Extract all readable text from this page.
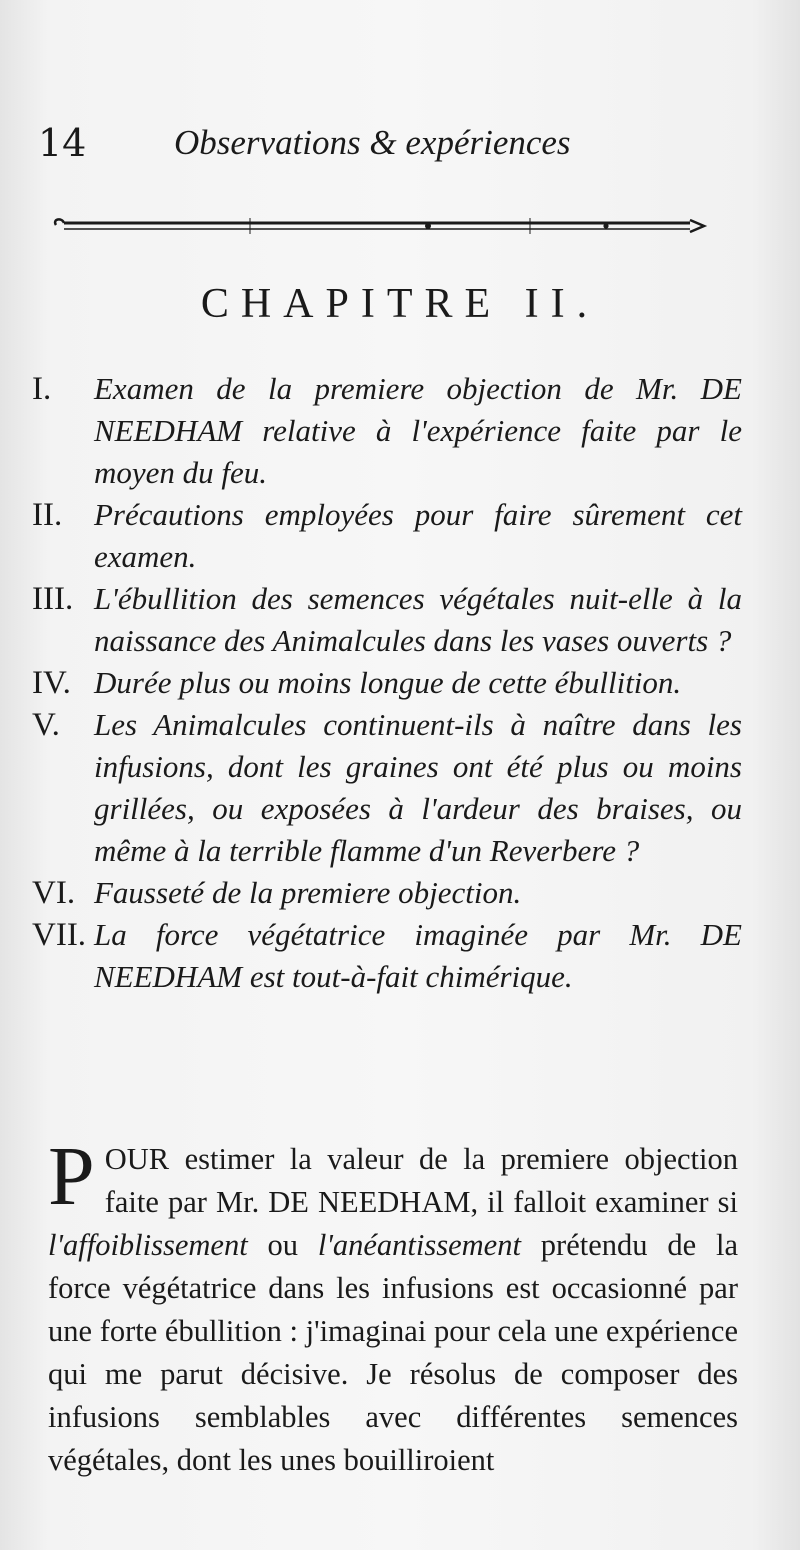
14	Observations & expériences
CHAPITRE II.
I.	Examen de la premiere objection de Mr. DE NEEDHAM relative à l'expérience faite par le moyen du feu.
II.	Précautions employées pour faire sûrement cet examen.
III. L'ébullition des semences végétales nuit-elle à la naissance des Animalcules dans les vases ouverts ?
IV. Durée plus ou moins longue de cette ébullition.
V.	Les Animalcules continuent-ils à naître dans les infusions, dont les graines ont été plus ou moins grillées, ou exposées à l'ardeur des braises, ou même à la terrible flamme d'un Reverbere ?
VI. Fausseté de la premiere objection.
VII. La force végétatrice imaginée par Mr. DE NEEDHAM est tout-à-fait chimérique.

P OUR estimer la valeur de la premiere objection faite par Mr. DE NEEDHAM, il falloit examiner si l'affoiblissement ou l'anéantissement prétendu de la force végétatrice dans les infusions est occasionné par une forte ébullition : j'imaginai pour cela une expérience qui me parut décisive. Je résolus de composer des infusions semblables avec différentes semences végétales, dont les unes bouilliroient
